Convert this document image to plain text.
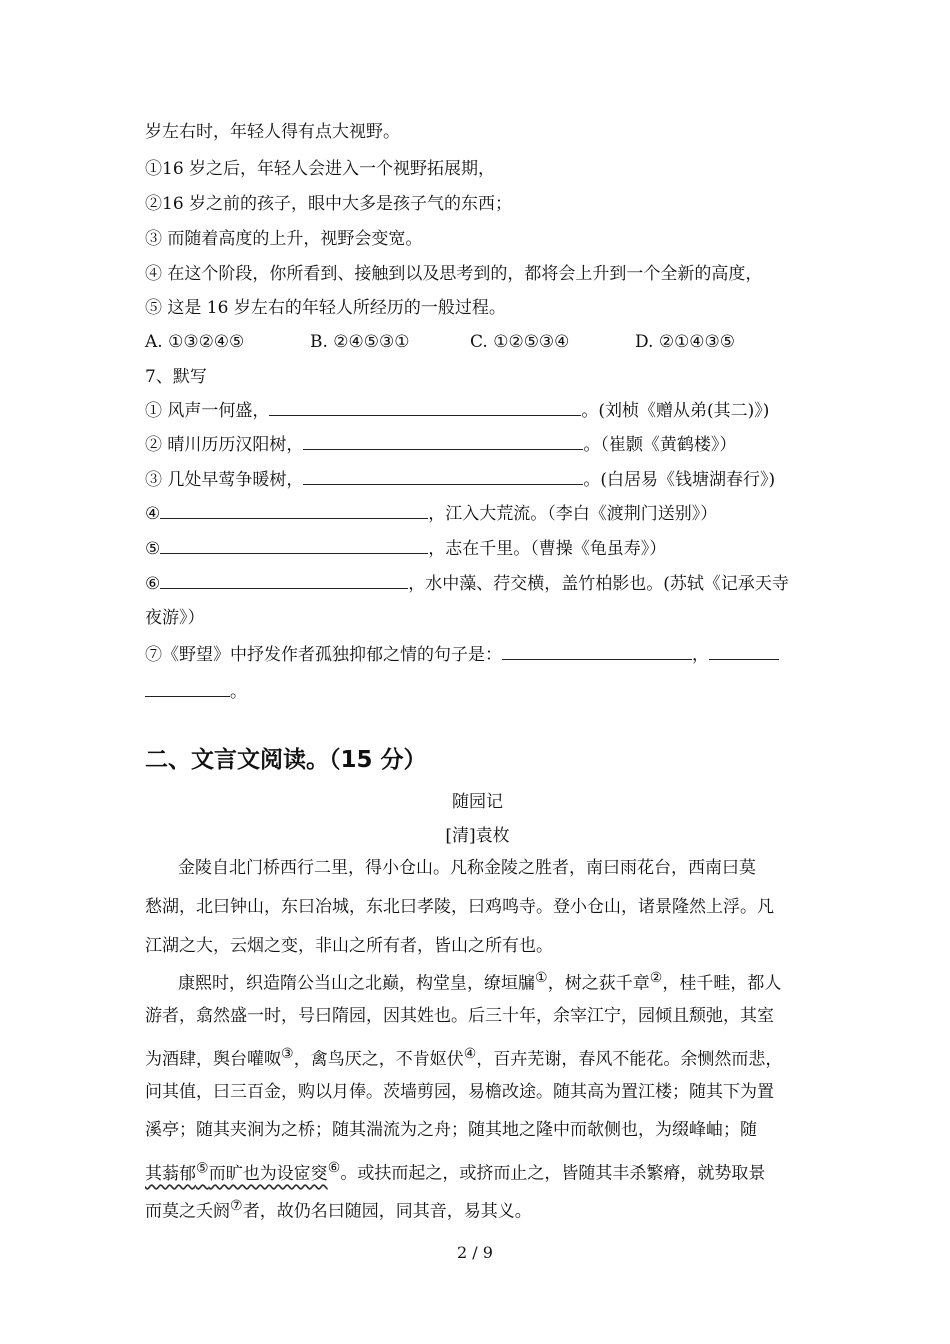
岁左右时，年轻人得有点大视野。
①16 岁之后，年轻人会进入一个视野拓展期，
②16 岁之前的孩子，眼中大多是孩子气的东西；
③ 而随着高度的上升，视野会变宽。
④ 在这个阶段，你所看到、接触到以及思考到的，都将会上升到一个全新的高度，
⑤ 这是 16 岁左右的年轻人所经历的一般过程。
A. ①③②④⑤	B. ②④⑤③①	C. ①②⑤③④	D. ②①④③⑤
7、默写
① 风声一何盛，	。(刘桢《赠从弟(其二)》)
② 晴川历历汉阳树，	。（崔颢《黄鹤楼》）
③ 几处早莺争暖树，	。(白居易《钱塘湖春行》)
④	，江入大荒流。（李白《渡荆门送别》）
⑤	，志在千里。（曹操《龟虽寿》）
⑥	，水中藻、荇交横，盖竹柏影也。(苏轼《记承天寺
夜游》）
⑦《野望》中抒发作者孤独抑郁之情的句子是：	，
。
二、文言文阅读。（15 分）
随园记
[清]袁枚
金陵自北门桥西行二里，得小仓山。凡称金陵之胜者，南曰雨花台，西南曰莫
愁湖，北曰钟山，东曰冶城，东北曰孝陵，曰鸡鸣寺。登小仓山，诸景隆然上浮。凡
江湖之大，云烟之变，非山之所有者，皆山之所有也。
康熙时，织造隋公当山之北巅，构堂皇，缭垣牖①，树之荻千章②，桂千畦，都人
游者，翕然盛一时，号曰隋园，因其姓也。后三十年，余宰江宁，园倾且颓弛，其室
为酒肆，舆台嚾呶③，禽鸟厌之，不肯妪伏④，百卉芜谢，春风不能花。余恻然而悲，
问其值，曰三百金，购以月俸。茨墙剪园，易檐改途。随其高为置江楼；随其下为置
溪亭；随其夹涧为之桥；随其湍流为之舟；随其地之隆中而欹侧也，为缀峰岫；随
其蓊郁⑤而旷也为设宧窔⑥。或扶而起之，或挤而止之，皆随其丰杀繁瘠，就势取景
而莫之夭阏⑦者，故仍名曰随园，同其音，易其义。
2 / 9
